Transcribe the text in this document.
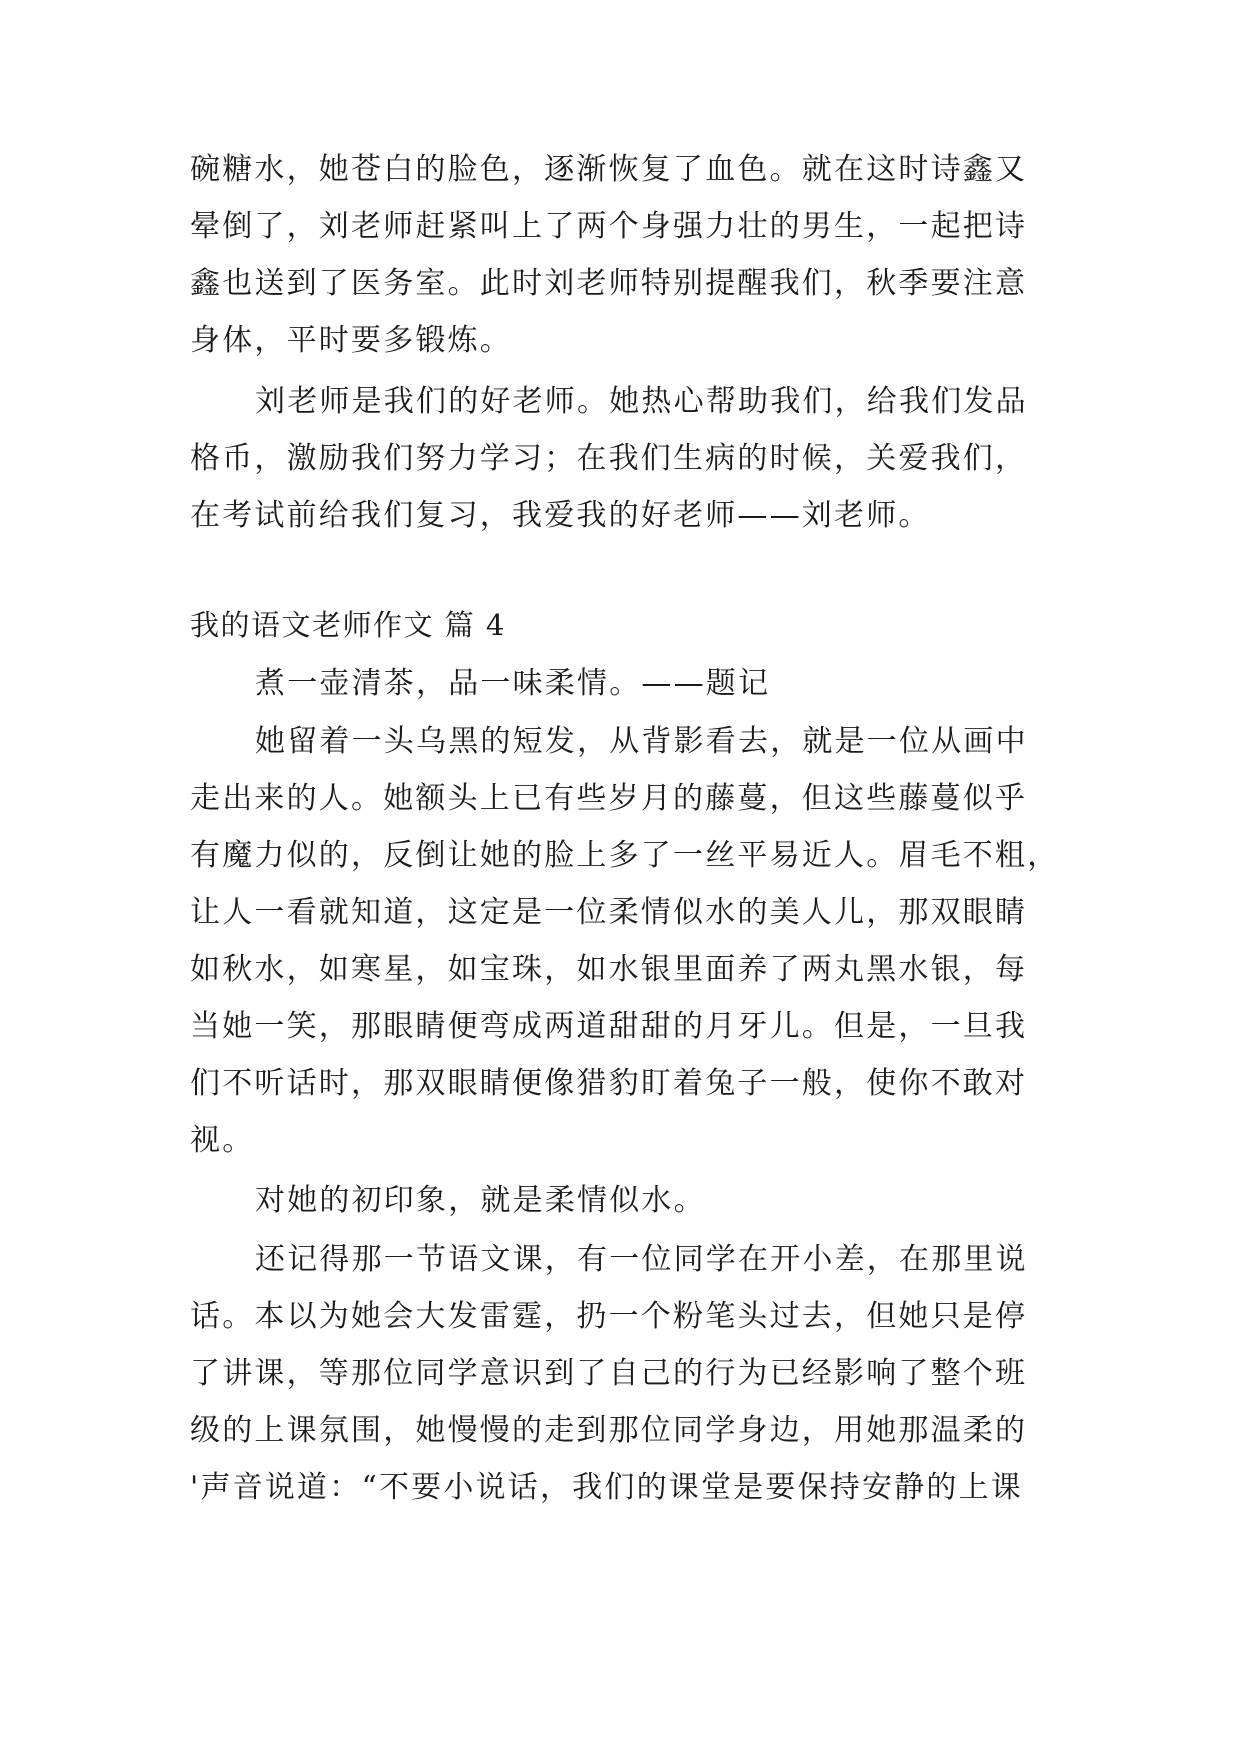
碗糖水，她苍白的脸色，逐渐恢复了血色。就在这时诗鑫又

晕倒了，刘老师赶紧叫上了两个身强力壮的男生，一起把诗

鑫也送到了医务室。此时刘老师特别提醒我们，秋季要注意

身体，平时要多锻炼。

刘老师是我们的好老师。她热心帮助我们，给我们发品

格币，激励我们努力学习；在我们生病的时候，关爱我们，

在考试前给我们复习，我爱我的好老师——刘老师。

我的语文老师作文 篇 4

煮一壶清茶，品一味柔情。——题记

她留着一头乌黑的短发，从背影看去，就是一位从画中

走出来的人。她额头上已有些岁月的藤蔓，但这些藤蔓似乎

有魔力似的，反倒让她的脸上多了一丝平易近人。眉毛不粗，

让人一看就知道，这定是一位柔情似水的美人儿，那双眼睛

如秋水，如寒星，如宝珠，如水银里面养了两丸黑水银，每

当她一笑，那眼睛便弯成两道甜甜的月牙儿。但是，一旦我

们不听话时，那双眼睛便像猎豹盯着兔子一般，使你不敢对

视。

对她的初印象，就是柔情似水。

还记得那一节语文课，有一位同学在开小差，在那里说

话。本以为她会大发雷霆，扔一个粉笔头过去，但她只是停

了讲课，等那位同学意识到了自己的行为已经影响了整个班

级的上课氛围，她慢慢的走到那位同学身边，用她那温柔的

'声音说道：“不要小说话，我们的课堂是要保持安静的上课
